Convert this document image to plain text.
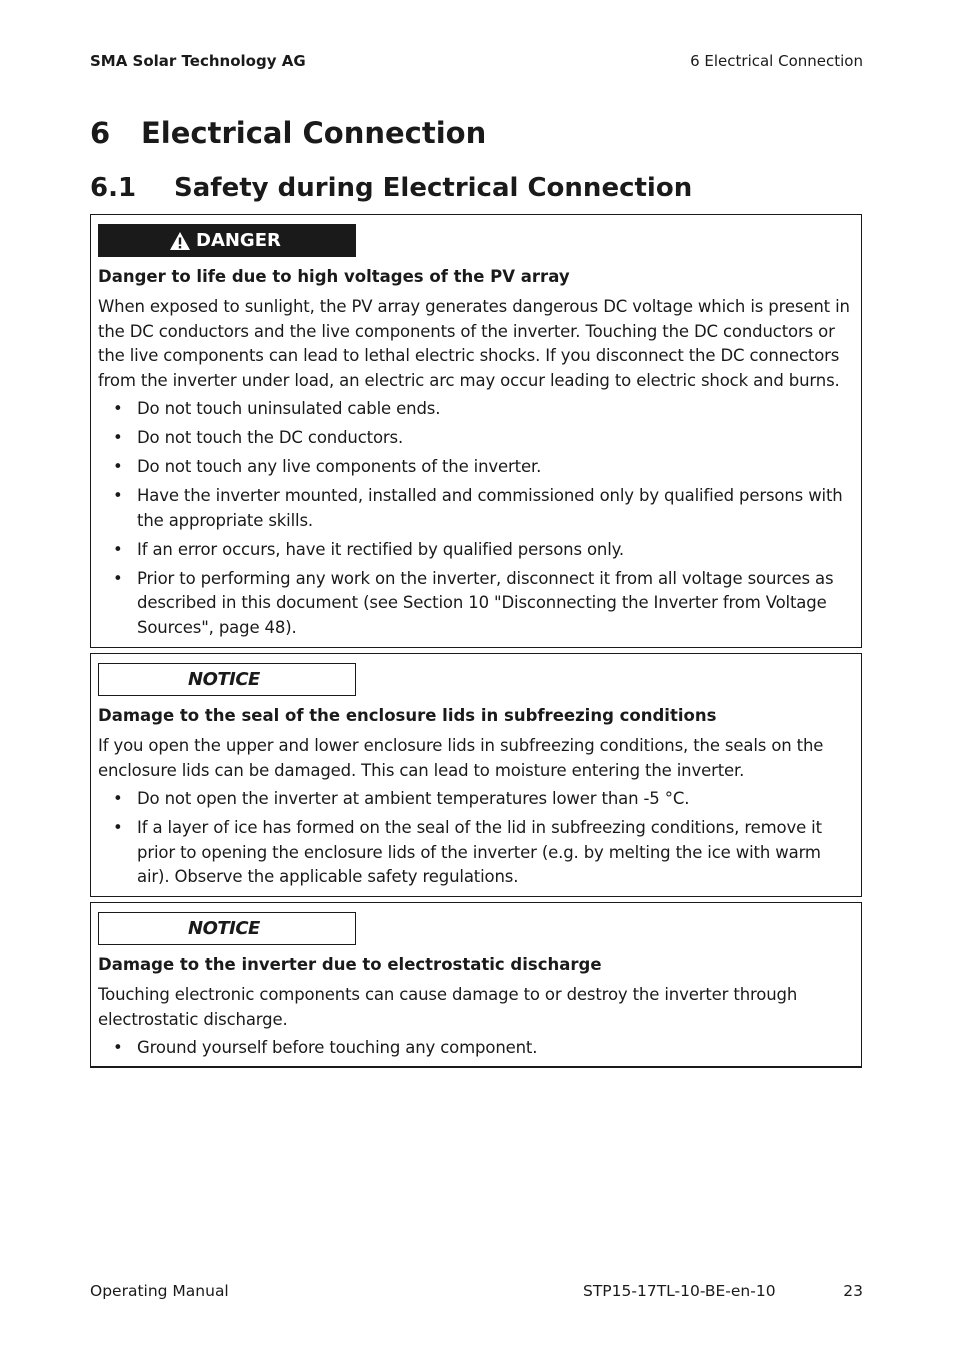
SMA Solar Technology AG	6 Electrical Connection
6 Electrical Connection
6.1 Safety during Electrical Connection
DANGER
Danger to life due to high voltages of the PV array
When exposed to sunlight, the PV array generates dangerous DC voltage which is present in the DC conductors and the live components of the inverter. Touching the DC conductors or the live components can lead to lethal electric shocks. If you disconnect the DC connectors from the inverter under load, an electric arc may occur leading to electric shock and burns.
• Do not touch uninsulated cable ends.
• Do not touch the DC conductors.
• Do not touch any live components of the inverter.
• Have the inverter mounted, installed and commissioned only by qualified persons with the appropriate skills.
• If an error occurs, have it rectified by qualified persons only.
• Prior to performing any work on the inverter, disconnect it from all voltage sources as described in this document (see Section 10 "Disconnecting the Inverter from Voltage Sources", page 48).
NOTICE
Damage to the seal of the enclosure lids in subfreezing conditions
If you open the upper and lower enclosure lids in subfreezing conditions, the seals on the enclosure lids can be damaged. This can lead to moisture entering the inverter.
• Do not open the inverter at ambient temperatures lower than -5 °C.
• If a layer of ice has formed on the seal of the lid in subfreezing conditions, remove it prior to opening the enclosure lids of the inverter (e.g. by melting the ice with warm air). Observe the applicable safety regulations.
NOTICE
Damage to the inverter due to electrostatic discharge
Touching electronic components can cause damage to or destroy the inverter through electrostatic discharge.
• Ground yourself before touching any component.
Operating Manual	STP15-17TL-10-BE-en-10	23
